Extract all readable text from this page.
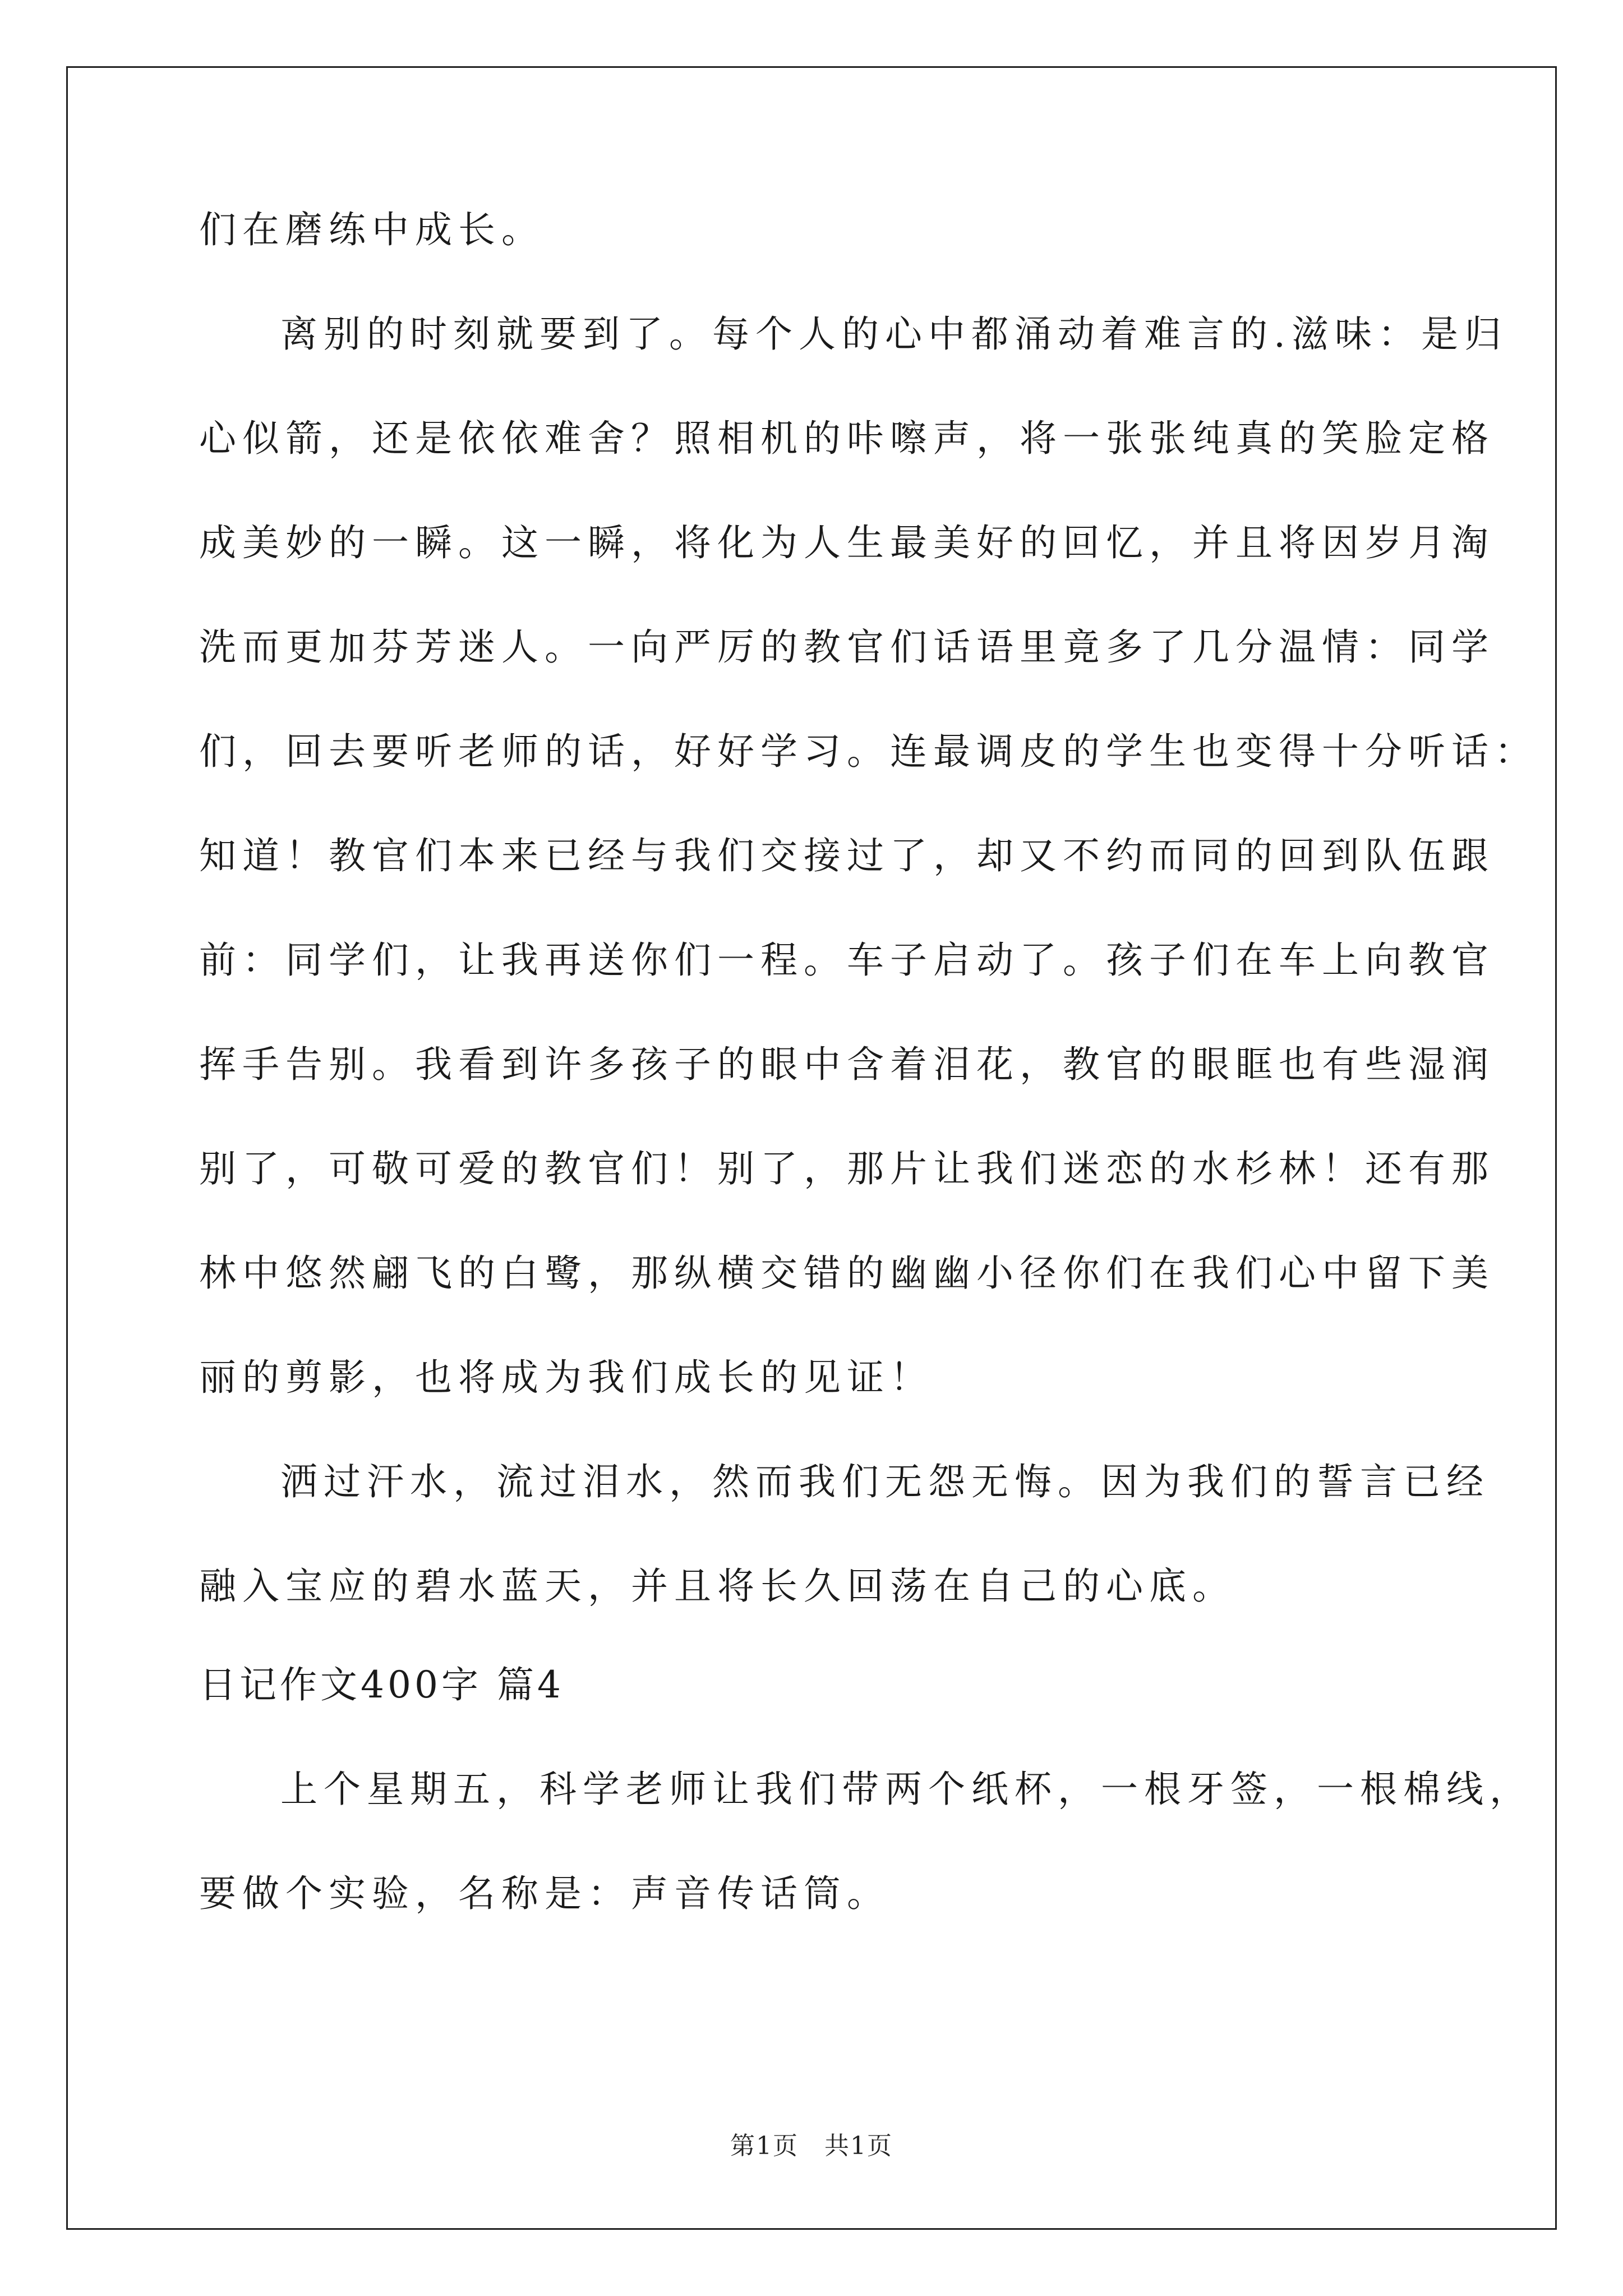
们在磨练中成长。
离别的时刻就要到了。每个人的心中都涌动着难言的.滋味：是归
心似箭，还是依依难舍？照相机的咔嚓声，将一张张纯真的笑脸定格
成美妙的一瞬。这一瞬，将化为人生最美好的回忆，并且将因岁月淘
洗而更加芬芳迷人。一向严厉的教官们话语里竟多了几分温情：同学
们，回去要听老师的话，好好学习。连最调皮的学生也变得十分听话：
知道！教官们本来已经与我们交接过了，却又不约而同的回到队伍跟
前：同学们，让我再送你们一程。车子启动了。孩子们在车上向教官
挥手告别。我看到许多孩子的眼中含着泪花，教官的眼眶也有些湿润
别了，可敬可爱的教官们！别了，那片让我们迷恋的水杉林！还有那
林中悠然翩飞的白鹭，那纵横交错的幽幽小径你们在我们心中留下美
丽的剪影，也将成为我们成长的见证！
洒过汗水，流过泪水，然而我们无怨无悔。因为我们的誓言已经
融入宝应的碧水蓝天，并且将长久回荡在自己的心底。
日记作文400字 篇4
上个星期五，科学老师让我们带两个纸杯，一根牙签，一根棉线，
要做个实验，名称是：声音传话筒。
第1页　共1页
